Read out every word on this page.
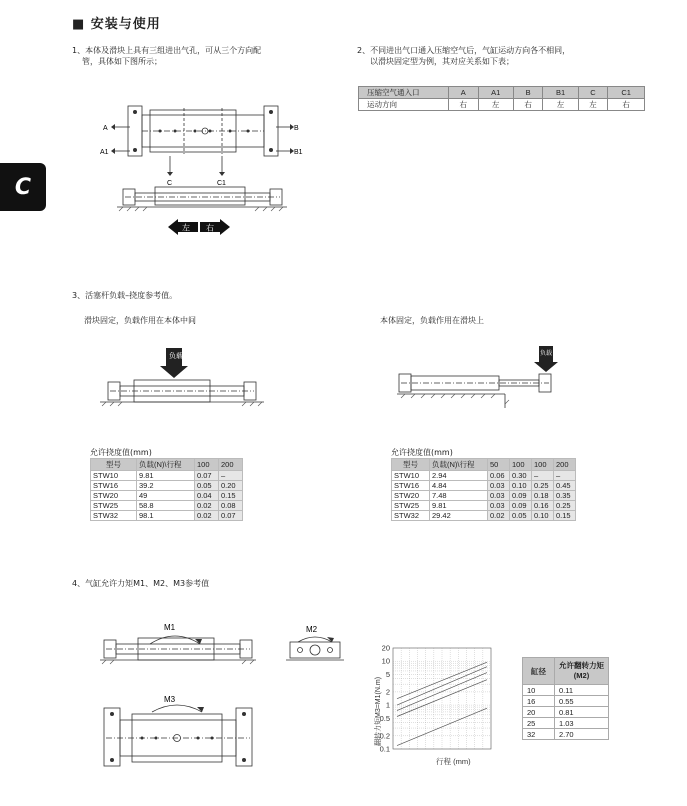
■ 安装与使用
C
1、本体及滑块上具有三组进出气孔，可从三个方向配
管，具体如下图所示；
A
A1
B
B1
C	C1
左 右
2、不同进出气口通入压缩空气后，气缸运动方向各不相同，
以滑块固定型为例，其对应关系如下表；
压缩空气通入口	A	A1	B	B1	C	C1
运动方向	右	左	右	左	左	右
3、活塞杆负载–挠度参考值。
滑块固定，负载作用在本体中间	本体固定，负载作用在滑块上
负载	负载
允许挠度值(mm)
型号	负载(N)\行程	100	200
STW10	9.81	0.07	–
STW16	39.2	0.05	0.20
STW20	49	0.04	0.15
STW25	58.8	0.02	0.08
STW32	98.1	0.02	0.07
允许挠度值(mm)
型号	负载(N)\行程	50	100	100	200
STW10	2.94	0.06	0.30	–	–
STW16	4.84	0.03	0.10	0.25	0.45
STW20	7.48	0.03	0.09	0.18	0.35
STW25	9.81	0.03	0.09	0.16	0.25
STW32	29.42	0.02	0.05	0.10	0.15
4、气缸允许力矩M1、M2、M3参考值
M1	M2
M3
20
10
5
2
1
0.5
0.2
0.1
行程 (mm)
翻转力矩M3=M1(N.m)
缸径	允许翻转力矩(M2)
10	0.11
16	0.55
20	0.81
25	1.03
32	2.70
